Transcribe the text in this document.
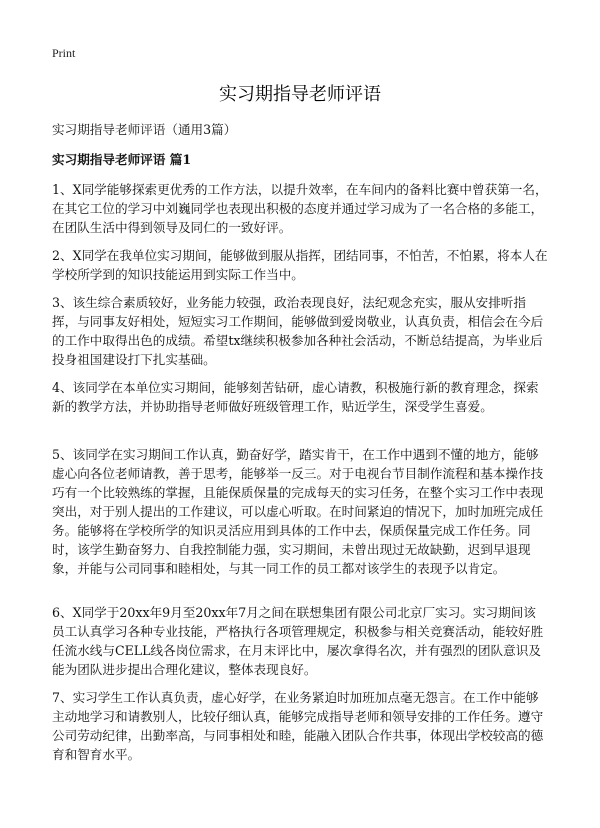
Print
实习期指导老师评语

实习期指导老师评语（通用3篇）

实习期指导老师评语 篇1

1、X同学能够探索更优秀的工作方法，以提升效率，在车间内的备料比赛中曾获第一名，在其它工位的学习中刘巍同学也表现出积极的态度并通过学习成为了一名合格的多能工，在团队生活中得到领导及同仁的一致好评。

2、X同学在我单位实习期间，能够做到服从指挥，团结同事，不怕苦，不怕累，将本人在学校所学到的知识技能运用到实际工作当中。

3、该生综合素质较好，业务能力较强，政治表现良好，法纪观念充实，服从安排听指挥，与同事友好相处，短短实习工作期间，能够做到爱岗敬业，认真负责，相信会在今后的工作中取得出色的成绩。希望tx继续积极参加各种社会活动，不断总结提高，为毕业后投身祖国建设打下扎实基础。

4、该同学在本单位实习期间，能够刻苦钻研，虚心请教，积极施行新的教育理念，探索新的教学方法，并协助指导老师做好班级管理工作，贴近学生，深受学生喜爱。

5、该同学在实习期间工作认真，勤奋好学，踏实肯干，在工作中遇到不懂的地方，能够虚心向各位老师请教，善于思考，能够举一反三。对于电视台节目制作流程和基本操作技巧有一个比较熟练的掌握，且能保质保量的完成每天的实习任务，在整个实习工作中表现突出，对于别人提出的工作建议，可以虚心听取。在时间紧迫的情况下，加时加班完成任务。能够将在学校所学的知识灵活应用到具体的工作中去，保质保量完成工作任务。同时，该学生勤奋努力、自我控制能力强，实习期间，未曾出现过无故缺勤，迟到早退现象，并能与公司同事和睦相处，与其一同工作的员工都对该学生的表现予以肯定。

6、X同学于20xx年9月至20xx年7月之间在联想集团有限公司北京厂实习。实习期间该员工认真学习各种专业技能，严格执行各项管理规定，积极参与相关竞赛活动，能较好胜任流水线与CELL线各岗位需求，在月末评比中，屡次拿得名次，并有强烈的团队意识及能为团队进步提出合理化建议，整体表现良好。

7、实习学生工作认真负责，虚心好学，在业务紧迫时加班加点毫无怨言。在工作中能够主动地学习和请教别人，比较仔细认真，能够完成指导老师和领导安排的工作任务。遵守公司劳动纪律，出勤率高，与同事相处和睦，能融入团队合作共事，体现出学校较高的德育和智育水平。
